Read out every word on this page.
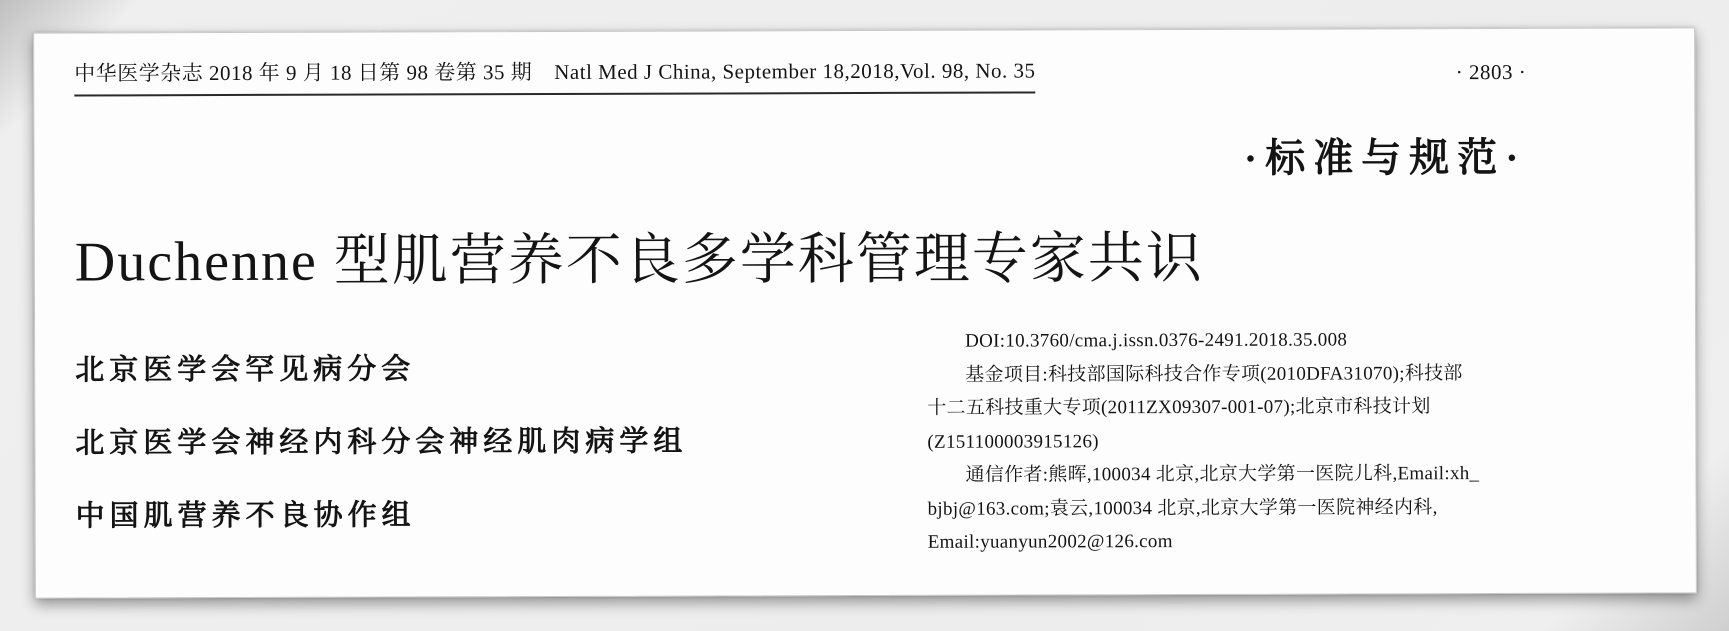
中华医学杂志 2018 年 9 月 18 日第 98 卷第 35 期 Natl Med J China, September 18,2018,Vol. 98, No. 35	· 2803 ·
·标准与规范·
Duchenne 型肌营养不良多学科管理专家共识
北京医学会罕见病分会
北京医学会神经内科分会神经肌肉病学组
中国肌营养不良协作组
DOI:10.3760/cma.j.issn.0376-2491.2018.35.008
基金项目:科技部国际科技合作专项(2010DFA31070);科技部
十二五科技重大专项(2011ZX09307-001-07);北京市科技计划
(Z151100003915126)
通信作者:熊晖,100034 北京,北京大学第一医院儿科,Email:xh_
bjbj@163.com;袁云,100034 北京,北京大学第一医院神经内科,
Email:yuanyun2002@126.com
